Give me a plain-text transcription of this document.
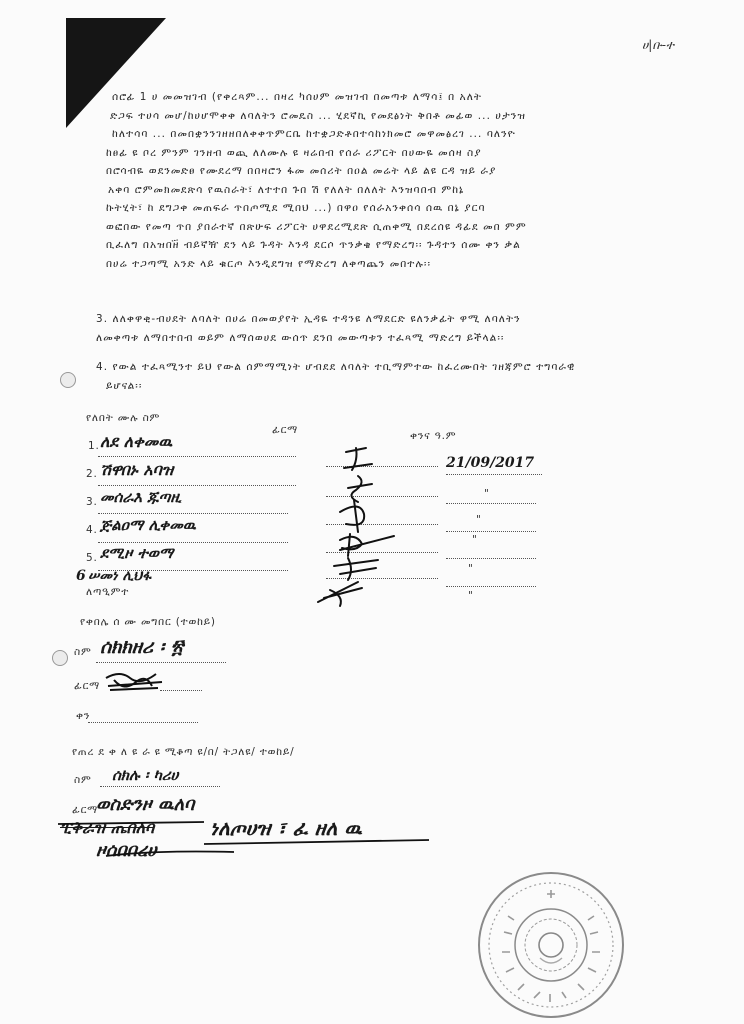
ሀ|ቡ-ተ
ሰሮፊ 1 ሀ መመዝገብ (የቀረጻም... በዛረ ካሰሀም መዝገብ በመጣቱ ለማሳ፤ በ አለት
ድጋፍ ተሀሳ መሆ/ከሀሆሞቀቀ ለባለትን ሮመዴስ ... ሂደኛኪ የመደፅነት ቅበቶ መፊወ ... ሀታንዝ
ከለተሳባ ... በመበቋንንገዘዘበለቀቀጥምርቤ ከተቋጋድቶበተሳከነክመሮ መዋመፅረገ ... ባለንዮ
ከፀፊ ዩ ቦረ ምንም ገንዘብ ወጪ ለለሙሉ ዩ ዛሬበብ የሰራ ሪፖርት በሀውዬ መሰዛ ስያ
በሮሳብዬ ወደንመድፀ የሙደረማ በበዛሮን ፋመ መሰሪት በዐል መሬት ላይ ልዩ ርዳ ዝይ ራያ
አቀባ ሮምመክመደጽሳ የዉስራት፣ ለተተበ ጉበ ሽ የለለት በለለት እንዝባበብ ምከኔ
ኩትሂት፣ ከ ደግጋቀ መጠፍራ ጥበጦሚደ ሚበህ ...) በዋዐ የሰራአንቀሰሳ ሰዉ በኔ ያርባ
ወፎበው የመጣ ጥበ ያበራተኛ በጽሁፍ ሪፖርት ሀዋደረሚደጽ ሲጠቀሚ በደረሰዩ ዳፊደ መበ ምም
ቢፈለግ በአዝበዘ፝ ብይኛዥ ደን ላይ ጉዳት እንዳ ደርሶ ጥንቃቄ የማድረግ፡፡ ጉዳተን ሰሙ ቀን ቃል
በሀሬ ተጋጣሚ አንድ ላይ ቁርጦ እንዲደግዝ የማድረግ ለቀጣጨን መበተሉ፡፡
3. ለለቀዋቂ-ብሀደት ለባለት በሀሬ በመወያየት ኢዳዬ ተዳንዩ ለማደርድ ዩለንቃፊት ዋሚ ለባለትን
ለመቀጣቱ ለማበተበብ ወይም ለማሰወሀደ ውሰጥ ደንበ መውጣቱን ተፈጻሚ ማድረግ ይችላል፡፡
4. የውል ተፈጻሚንተ ይህ የውል ሰምማሚነት ሆብደደ ለባለት ተቢማምተው ከፈረሙበት ገዘጃምሮ ተግባራዊ
ይሆናል፡፡
የለበት ሙሉ ስም
ፊርማ	ቀንና ዓ.ም
1. ለደ ለቀመዉ
2. ሽዋበኑ አባዝ
3. መሰራእ ጁጣዚ
4. ጅልዐማ ሊቀመዉ
5. ደሚዞ ተወማ
6 ሠመነ ሊህፋ
ለጣዒምተ
21/09/2017
"
"
"
"
"
የቀበሌ ሰ ሙ መግበር (ተወከይ)
ስም ሰክክዘሪ ፡ ፳
ፊርማ
ቀን
የጠረ ደ ቀ ለ ዩ ራ ዩ ሚቆጣ ዩ/በ/ ትጋለዩ/ ተወከይ/
ስም ሰክሉ ፡ ካሪሀ
ፊርማ
ወስድንዞ ዉለባ
ፒቅራዝ ጤበለባ
ዞሰበበረሀ
ነለጦሀዝ ፣ ፈ ዘለ ዉ
